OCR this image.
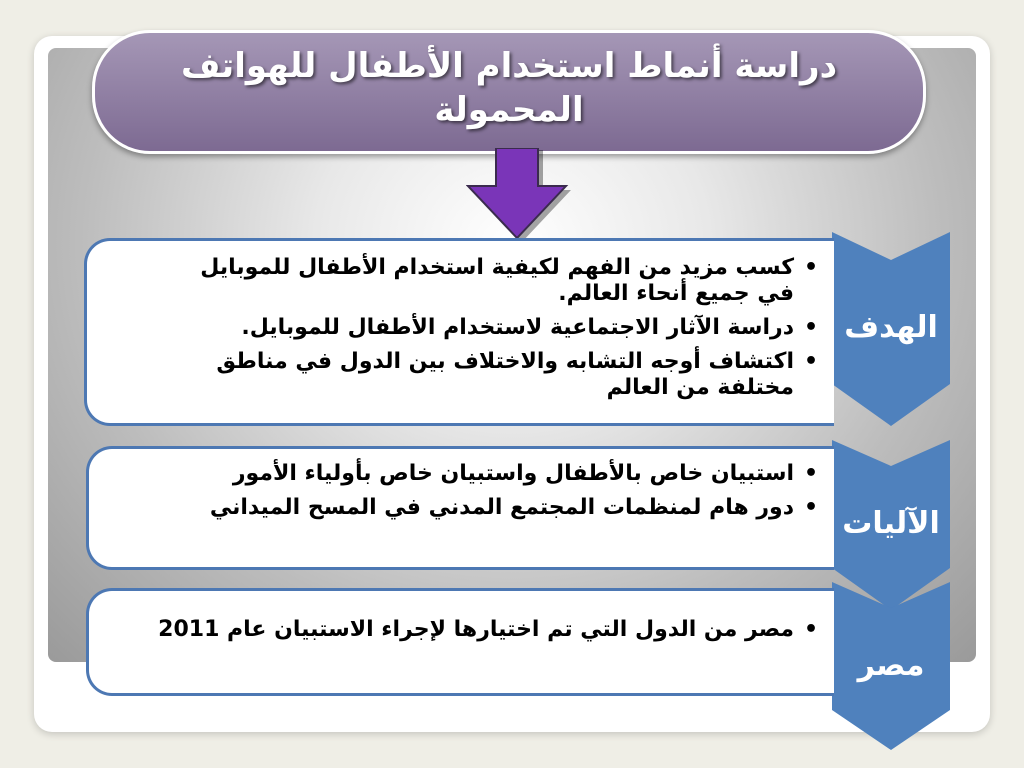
دراسة أنماط استخدام الأطفال للهواتف
المحمولة
الهدف
• كسب مزيد من الفهم لكيفية استخدام الأطفال للموبايل في جميع أنحاء العالم.
• دراسة الآثار الاجتماعية لاستخدام الأطفال للموبايل.
• اكتشاف أوجه التشابه والاختلاف بين الدول في مناطق مختلفة من العالم
الآليات
• استبيان خاص بالأطفال واستبيان خاص بأولياء الأمور
• دور هام لمنظمات المجتمع المدني في المسح الميداني
مصر
• مصر من الدول التي تم اختيارها لإجراء الاستبيان عام 2011
